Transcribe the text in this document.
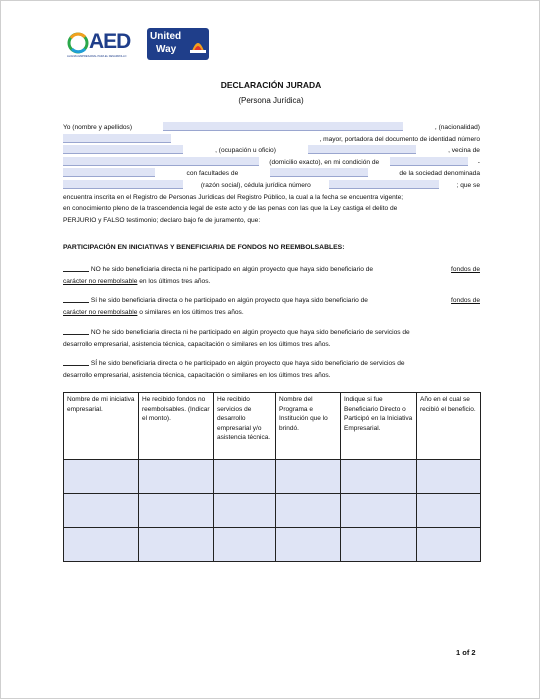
AED
ALIANZA EMPRESARIAL PARA EL DESARROLLO
United
Way
DECLARACIÓN JURADA
(Persona Jurídica)
Yo (nombre y apellidos)	, (nacionalidad)
, mayor, portadora del documento de identidad número
, (ocupación u oficio)	, vecina de
(domicilio exacto), en mi condición de	-
con facultades de	de la sociedad denominada
(razón social), cédula jurídica número	; que se
encuentra inscrita en el Registro de Personas Jurídicas del Registro Público, la cual a la fecha se encuentra vigente;
en conocimiento pleno de la trascendencia legal de este acto y de las penas con las que la Ley castiga el delito de
PERJURIO y FALSO testimonio; declaro bajo fe de juramento, que:
PARTICIPACIÓN EN INICIATIVAS Y BENEFICIARIA DE FONDOS NO REEMBOLSABLES:
NO he sido beneficiaria directa ni he participado en algún proyecto que haya sido beneficiario de	fondos de
carácter no reembolsable en los últimos tres años.
Sí he sido beneficiaria directa o he participado en algún proyecto que haya sido beneficiario de	fondos de
carácter no reembolsable o similares en los últimos tres años.
NO he sido beneficiaria directa ni he participado en algún proyecto que haya sido beneficiario de servicios de
desarrollo empresarial, asistencia técnica, capacitación o similares en los últimos tres años.
SÍ he sido beneficiaria directa o he participado en algún proyecto que haya sido beneficiario de servicios de
desarrollo empresarial, asistencia técnica, capacitación o similares en los últimos tres años.
Nombre de mi iniciativa empresarial.	He recibido fondos no reembolsables. (Indicar el monto).	He recibido servicios de desarrollo empresarial y/o asistencia técnica.	Nombre del Programa e Institución que lo brindó.	Indique si fue Beneficiario Directo o Participó en la Iniciativa Empresarial.	Año en el cual se recibió el beneficio.

1 of 2
